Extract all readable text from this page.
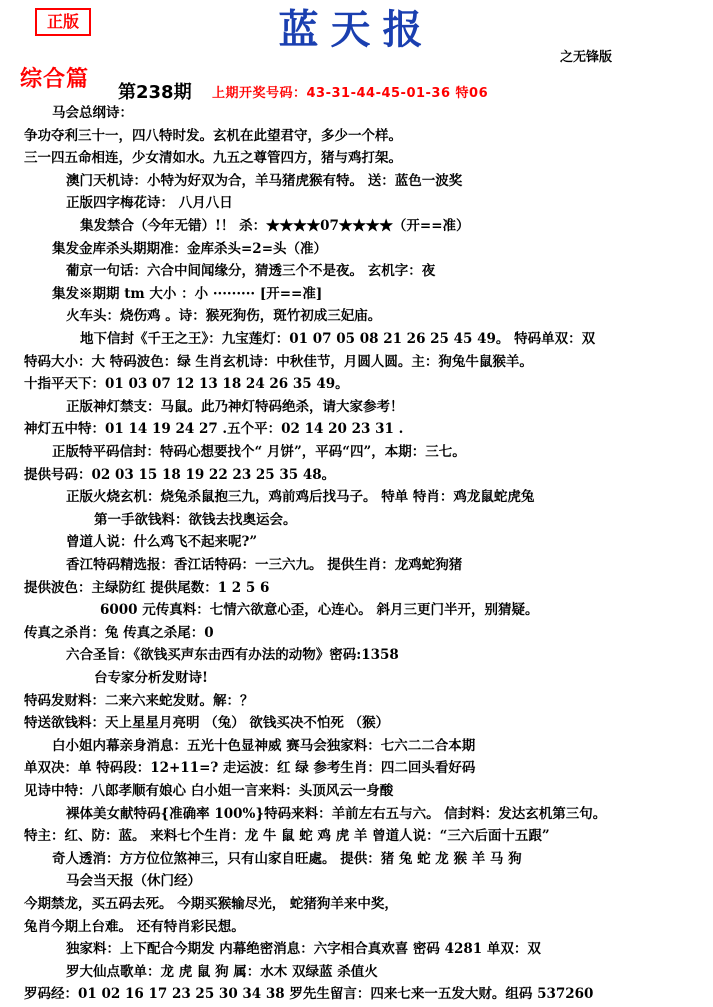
正版	蓝天报
之无锋版
综合篇
第238期 上期开奖号码：43-31-44-45-01-36 特06
马会总纲诗：
争功夺利三十一，四八特时发。玄机在此望君守，多少一个样。
三一四五命相连，少女清如水。九五之尊管四方，猪与鸡打架。
澳门天机诗：小特为好双为合，羊马猪虎猴有特。 送：蓝色一波奖
正版四字梅花诗： 八月八日
集发禁合（今年无错）!！ 杀：★★★★07★★★★（开==准）
集发金库杀头期期准：金库杀头=2=头（准）
葡京一句话：六合中间闻缘分，猜透三个不是夜。 玄机字：夜
集发※期期 tm 大小 ：小 ········· [开==准]
火车头：烧伤鸡 。诗：猴死狗伤，斑竹初成三妃庙。
地下信封《千王之王》：九宝莲灯：01 07 05 08 21 26 25 45 49。 特码单双：双
特码大小：大 特码波色：绿 生肖玄机诗：中秋佳节，月圆人圆。主：狗兔牛鼠猴羊。
十指平天下：01 03 07 12 13 18 24 26 35 49。
正版神灯禁支：马鼠。此乃神灯特码绝杀，请大家参考！
神灯五中特：01 14 19 24 27 .五个平：02 14 20 23 31 .
正版特平码信封：特码心想要找个“ 月饼”，平码“四”，本期：三七。
提供号码：02 03 15 18 19 22 23 25 35 48。
正版火烧玄机：烧兔杀鼠抱三九，鸡前鸡后找马子。 特单 特肖：鸡龙鼠蛇虎兔
第一手欲钱料：欲钱去找奥运会。
曾道人说：什么鸡飞不起来呢?”
香江特码精选报：香江话特码：一三六九。 提供生肖：龙鸡蛇狗猪
提供波色：主绿防红 提供尾数：1 2 5 6
6000 元传真料：七情六欲意心歪，心连心。 斜月三更门半开，别猜疑。
传真之杀肖：兔 传真之杀尾：0
六合圣旨：《欲钱买声东击西有办法的动物》密码:1358
台专家分析发财诗!
特码发财料：二来六来蛇发财。解：？
特送欲钱料：天上星星月亮明 （兔） 欲钱买决不怕死 （猴）
白小姐内幕亲身消息：五光十色显神威 赛马会独家料：七六二二合本期
单双决：单 特码段：12+11=? 走运波：红 绿 参考生肖：四二回头看好码
见诗中特：八郎孝顺有娘心 白小姐一言来料：头顶风云一身酸
裸体美女献特码{准确率 100%}特码来料：羊前左右五与六。 信封料：发达玄机第三句。
特主：红、防：蓝。 来料七个生肖：龙 牛 鼠 蛇 鸡 虎 羊 曾道人说：“三六后面十五跟”
奇人透消：方方位位煞神三，只有山家自旺處。 提供：猪 兔 蛇 龙 猴 羊 马 狗
马会当天报（休门经）
今期禁龙，买五码去死。 今期买猴输尽光， 蛇猪狗羊来中奖，
兔肖今期上台难。 还有特肖彩民想。
独家料：上下配合今期发 内幕绝密消息：六字相合真欢喜 密码 4281 单双：双
罗大仙点歌单：龙 虎 鼠 狗 属：水木 双绿蓝 杀值火
罗码经：01 02 16 17 23 25 30 34 38 罗先生留言：四来七来一五发大财。组码 537260
